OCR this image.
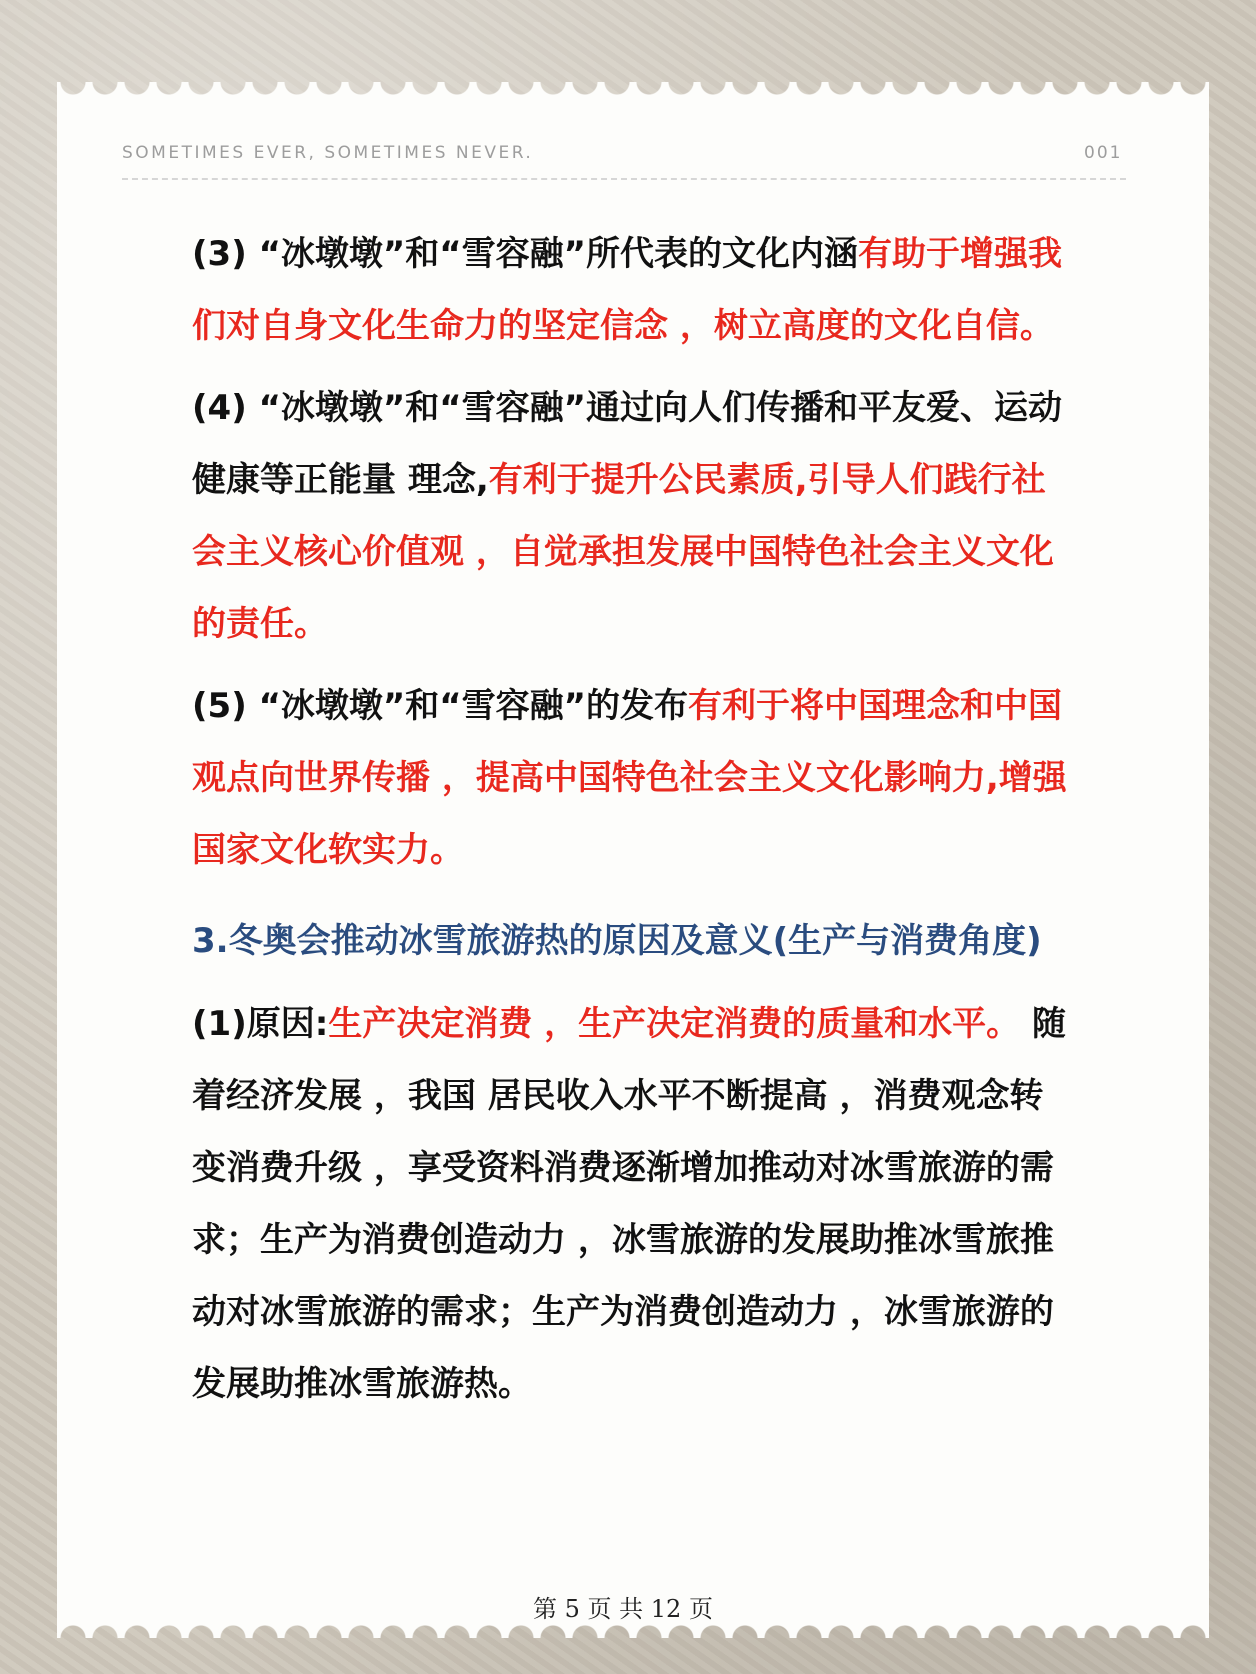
SOMETIMES EVER, SOMETIMES NEVER.	001

(3) “冰墩墩”和“雪容融”所代表的文化内涵有助于增强我们对自身文化生命力的坚定信念 ，树立高度的文化自信。

(4) “冰墩墩”和“雪容融”通过向人们传播和平友爱、运动健康等正能量 理念,有利于提升公民素质,引导人们践行社会主义核心价值观 ，自觉承担发展中国特色社会主义文化的责任。

(5) “冰墩墩”和“雪容融”的发布有利于将中国理念和中国观点向世界传播 ，提高中国特色社会主义文化影响力,增强国家文化软实力。

3.冬奥会推动冰雪旅游热的原因及意义(生产与消费角度)

(1)原因:生产决定消费 ，生产决定消费的质量和水平。 随着经济发展 ，我国 居民收入水平不断提高 ，消费观念转变消费升级 ，享受资料消费逐渐增加推动对冰雪旅游的需求；生产为消费创造动力 ，冰雪旅游的发展助推冰雪旅推动对冰雪旅游的需求；生产为消费创造动力 ，冰雪旅游的发展助推冰雪旅游热。

第 5 页 共 12 页
